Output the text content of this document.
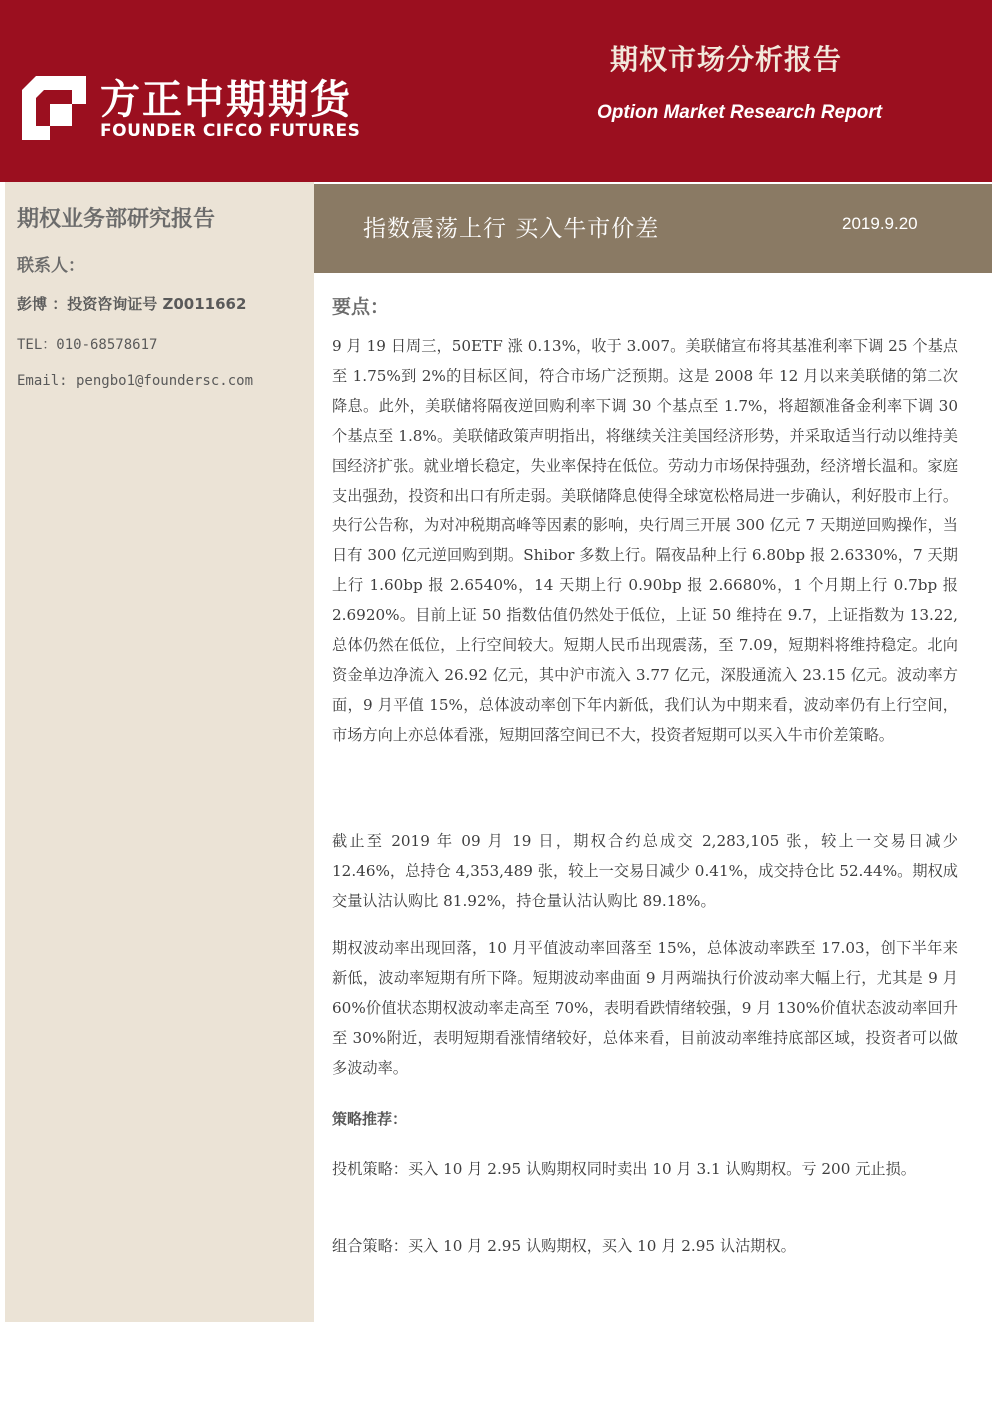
方正中期期货
FOUNDER CIFCO FUTURES
期权市场分析报告
Option Market Research Report
期权业务部研究报告
联系人：
彭博 ：投资咨询证号 Z0011662
TEL：010-68578617
Email: pengbo1@foundersc.com
指数震荡上行 买入牛市价差	2019.9.20
要点：

9 月 19 日周三，50ETF 涨 0.13%，收于 3.007。美联储宣布将其基准利率下调 25 个基点至 1.75%到 2%的目标区间，符合市场广泛预期。这是 2008 年 12 月以来美联储的第二次降息。此外，美联储将隔夜逆回购利率下调 30 个基点至 1.7%，将超额准备金利率下调 30 个基点至 1.8%。美联储政策声明指出，将继续关注美国经济形势，并采取适当行动以维持美国经济扩张。就业增长稳定，失业率保持在低位。劳动力市场保持强劲，经济增长温和。家庭支出强劲，投资和出口有所走弱。美联储降息使得全球宽松格局进一步确认，利好股市上行。央行公告称，为对冲税期高峰等因素的影响，央行周三开展 300 亿元 7 天期逆回购操作，当日有 300 亿元逆回购到期。Shibor 多数上行。隔夜品种上行 6.80bp 报 2.6330%，7 天期上行 1.60bp 报 2.6540%，14 天期上行 0.90bp 报 2.6680%，1 个月期上行 0.7bp 报 2.6920%。目前上证 50 指数估值仍然处于低位，上证 50 维持在 9.7，上证指数为 13.22,总体仍然在低位，上行空间较大。短期人民币出现震荡，至 7.09，短期料将维持稳定。北向资金单边净流入 26.92 亿元，其中沪市流入 3.77 亿元，深股通流入 23.15 亿元。波动率方面，9 月平值 15%，总体波动率创下年内新低，我们认为中期来看，波动率仍有上行空间，市场方向上亦总体看涨，短期回落空间已不大，投资者短期可以买入牛市价差策略。

截止至 2019 年 09 月 19 日，期权合约总成交 2,283,105 张，较上一交易日减少 12.46%，总持仓 4,353,489 张，较上一交易日减少 0.41%，成交持仓比 52.44%。期权成交量认沽认购比 81.92%，持仓量认沽认购比 89.18%。

期权波动率出现回落，10 月平值波动率回落至 15%，总体波动率跌至 17.03，创下半年来新低，波动率短期有所下降。短期波动率曲面 9 月两端执行价波动率大幅上行，尤其是 9 月 60%价值状态期权波动率走高至 70%，表明看跌情绪较强，9 月 130%价值状态波动率回升至 30%附近，表明短期看涨情绪较好，总体来看，目前波动率维持底部区域，投资者可以做多波动率。

策略推荐：

投机策略：买入 10 月 2.95 认购期权同时卖出 10 月 3.1 认购期权。亏 200 元止损。

组合策略：买入 10 月 2.95 认购期权，买入 10 月 2.95 认沽期权。
